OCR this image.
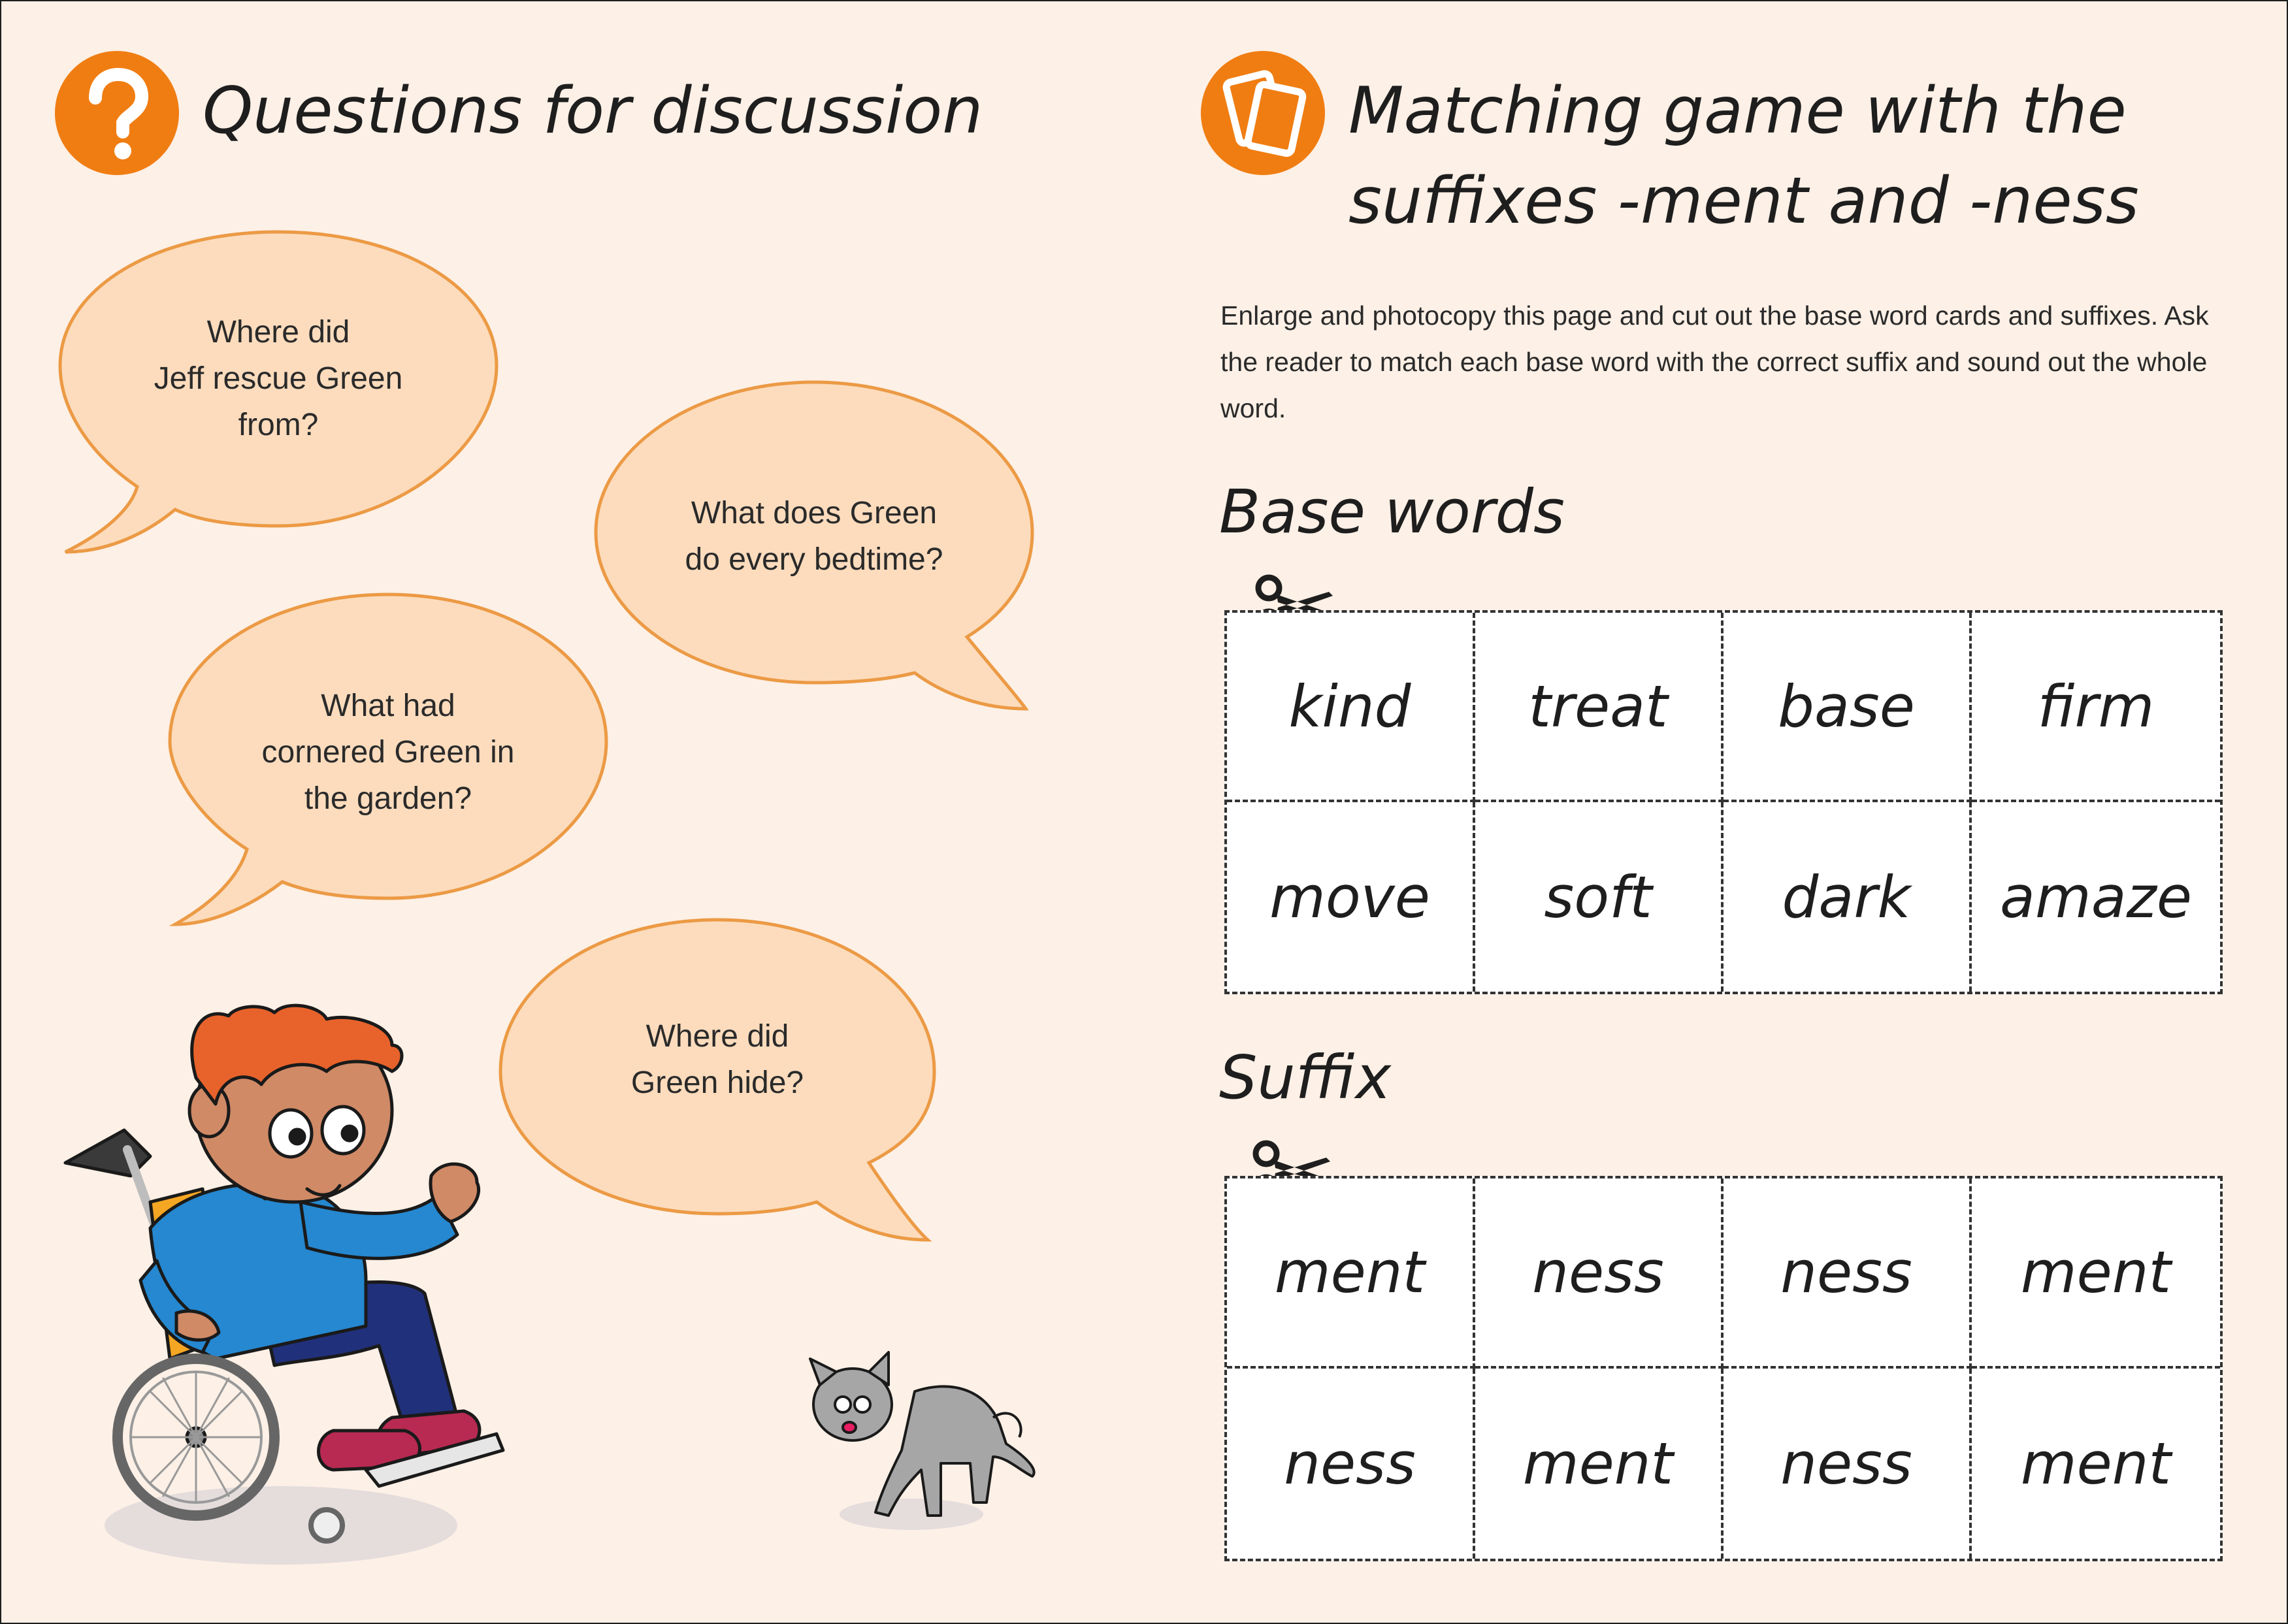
Questions for discussion
Where did
Jeff rescue Green
from?
What does Green
do every bedtime?
What had
cornered Green in
the garden?
Where did
Green hide?
Matching game with the
suffixes -ment and -ness

Enlarge and photocopy this page and cut out the base word cards and suffixes. Ask the reader to match each base word with the correct suffix and sound out the whole word.

Base words
kind	treat	base	firm
move	soft	dark	amaze
Suffix
ment	ness	ness	ment
ness	ment	ness	ment
